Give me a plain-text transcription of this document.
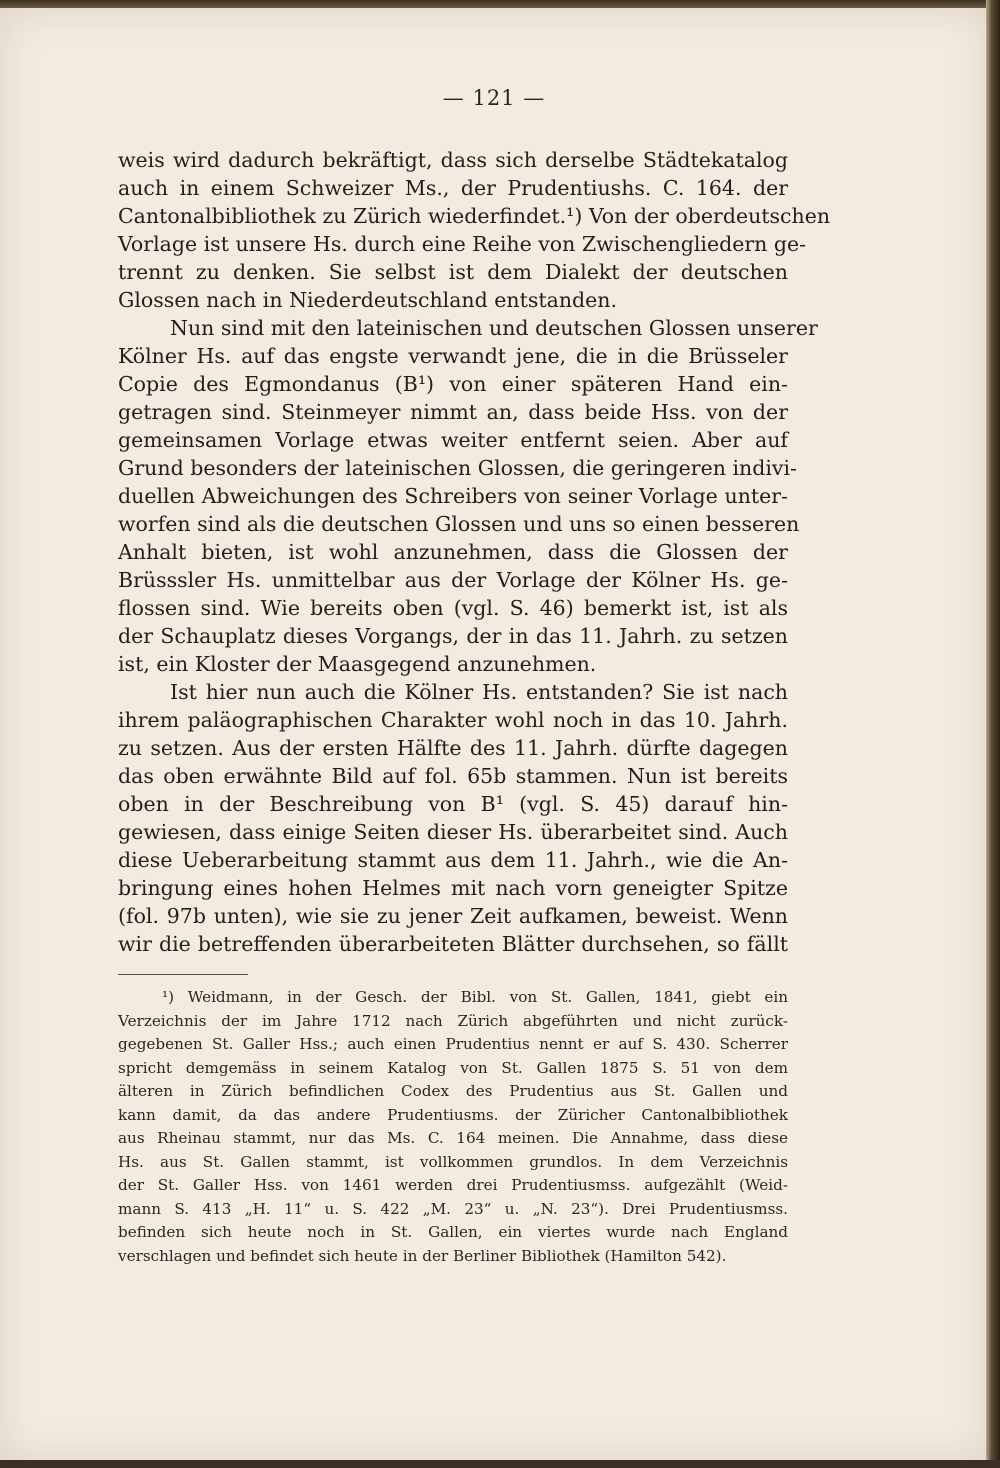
— 121 —
weis wird dadurch bekräftigt, dass sich derselbe Städtekatalog
auch in einem Schweizer Ms., der Prudentiushs. C. 164. der
Cantonalbibliothek zu Zürich wiederfindet.¹) Von der oberdeutschen
Vorlage ist unsere Hs. durch eine Reihe von Zwischengliedern ge-
trennt zu denken. Sie selbst ist dem Dialekt der deutschen
Glossen nach in Niederdeutschland entstanden.
Nun sind mit den lateinischen und deutschen Glossen unserer
Kölner Hs. auf das engste verwandt jene, die in die Brüsseler
Copie des Egmondanus (B¹) von einer späteren Hand ein-
getragen sind. Steinmeyer nimmt an, dass beide Hss. von der
gemeinsamen Vorlage etwas weiter entfernt seien. Aber auf
Grund besonders der lateinischen Glossen, die geringeren indivi-
duellen Abweichungen des Schreibers von seiner Vorlage unter-
worfen sind als die deutschen Glossen und uns so einen besseren
Anhalt bieten, ist wohl anzunehmen, dass die Glossen der
Brüsssler Hs. unmittelbar aus der Vorlage der Kölner Hs. ge-
flossen sind. Wie bereits oben (vgl. S. 46) bemerkt ist, ist als
der Schauplatz dieses Vorgangs, der in das 11. Jahrh. zu setzen
ist, ein Kloster der Maasgegend anzunehmen.
Ist hier nun auch die Kölner Hs. entstanden? Sie ist nach
ihrem paläographischen Charakter wohl noch in das 10. Jahrh.
zu setzen. Aus der ersten Hälfte des 11. Jahrh. dürfte dagegen
das oben erwähnte Bild auf fol. 65b stammen. Nun ist bereits
oben in der Beschreibung von B¹ (vgl. S. 45) darauf hin-
gewiesen, dass einige Seiten dieser Hs. überarbeitet sind. Auch
diese Ueberarbeitung stammt aus dem 11. Jahrh., wie die An-
bringung eines hohen Helmes mit nach vorn geneigter Spitze
(fol. 97b unten), wie sie zu jener Zeit aufkamen, beweist. Wenn
wir die betreffenden überarbeiteten Blätter durchsehen, so fällt
¹) Weidmann, in der Gesch. der Bibl. von St. Gallen, 1841, giebt ein
Verzeichnis der im Jahre 1712 nach Zürich abgeführten und nicht zurück-
gegebenen St. Galler Hss.; auch einen Prudentius nennt er auf S. 430. Scherrer
spricht demgemäss in seinem Katalog von St. Gallen 1875 S. 51 von dem
älteren in Zürich befindlichen Codex des Prudentius aus St. Gallen und
kann damit, da das andere Prudentiusms. der Züricher Cantonalbibliothek
aus Rheinau stammt, nur das Ms. C. 164 meinen. Die Annahme, dass diese
Hs. aus St. Gallen stammt, ist vollkommen grundlos. In dem Verzeichnis
der St. Galler Hss. von 1461 werden drei Prudentiusmss. aufgezählt (Weid-
mann S. 413 „H. 11“ u. S. 422 „M. 23“ u. „N. 23“). Drei Prudentiusmss.
befinden sich heute noch in St. Gallen, ein viertes wurde nach England
verschlagen und befindet sich heute in der Berliner Bibliothek (Hamilton 542).
